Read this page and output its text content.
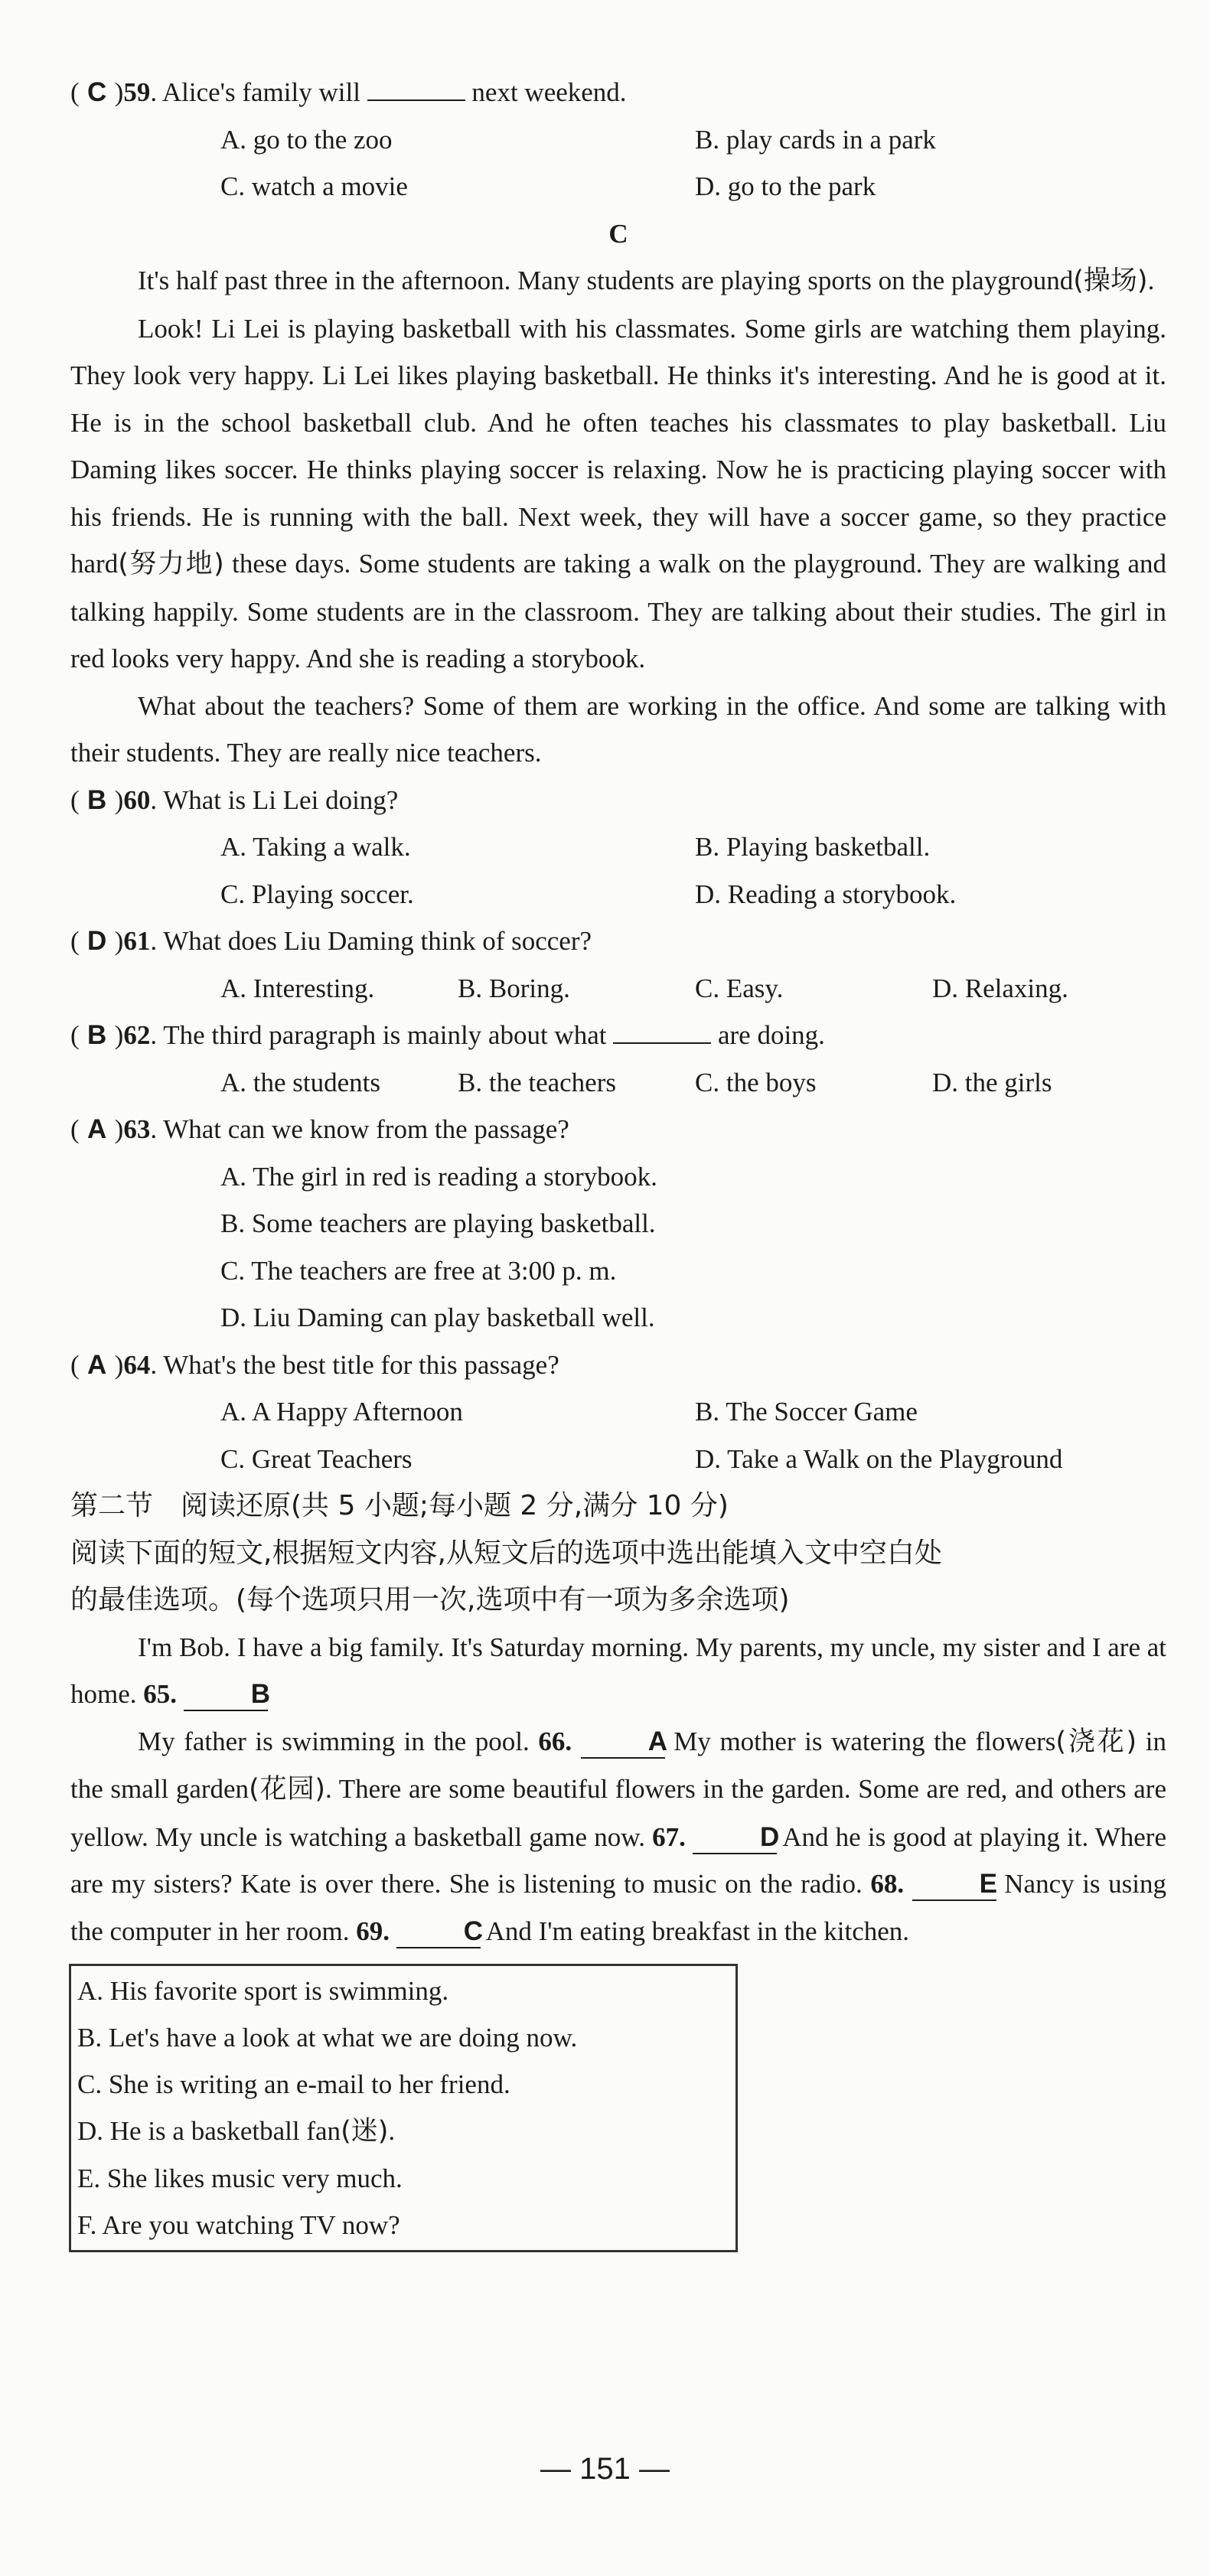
( C )59. Alice's family will	next weekend.
A. go to the zoo	B. play cards in a park
C. watch a movie	D. go to the park
C
It's half past three in the afternoon. Many students are playing sports on the playground(操场).
Look! Li Lei is playing basketball with his classmates. Some girls are watching them playing. They look very happy. Li Lei likes playing basketball. He thinks it's interesting. And he is good at it. He is in the school basketball club. And he often teaches his classmates to play basketball. Liu Daming likes soccer. He thinks playing soccer is relaxing. Now he is practicing playing soccer with his friends. He is running with the ball. Next week, they will have a soccer game, so they practice hard(努力地) these days. Some students are taking a walk on the playground. They are walking and talking happily. Some students are in the classroom. They are talking about their studies. The girl in red looks very happy. And she is reading a storybook.
What about the teachers? Some of them are working in the office. And some are talking with their students. They are really nice teachers.
( B )60. What is Li Lei doing?
A. Taking a walk.	B. Playing basketball.
C. Playing soccer.	D. Reading a storybook.
( D )61. What does Liu Daming think of soccer?
A. Interesting.	B. Boring.	C. Easy.	D. Relaxing.
( B )62. The third paragraph is mainly about what	are doing.
A. the students	B. the teachers	C. the boys	D. the girls
( A )63. What can we know from the passage?
A. The girl in red is reading a storybook.
B. Some teachers are playing basketball.
C. The teachers are free at 3:00 p. m.
D. Liu Daming can play basketball well.
( A )64. What's the best title for this passage?
A. A Happy Afternoon	B. The Soccer Game
C. Great Teachers	D. Take a Walk on the Playground
第二节　阅读还原(共 5 小题;每小题 2 分,满分 10 分)
阅读下面的短文,根据短文内容,从短文后的选项中选出能填入文中空白处
的最佳选项。(每个选项只用一次,选项中有一项为多余选项)
I'm Bob. I have a big family. It's Saturday morning. My parents, my uncle, my sister and I are at home. 65.	B
My father is swimming in the pool. 66.	A My mother is watering the flowers(浇花) in the small garden(花园). There are some beautiful flowers in the garden. Some are red, and others are yellow. My uncle is watching a basketball game now. 67.	D And he is good at playing it. Where are my sisters? Kate is over there. She is listening to music on the radio. 68.	E Nancy is using the computer in her room. 69.	C And I'm eating breakfast in the kitchen.
A. His favorite sport is swimming.
B. Let's have a look at what we are doing now.
C. She is writing an e-mail to her friend.
D. He is a basketball fan(迷).
E. She likes music very much.
F. Are you watching TV now?
— 151 —
